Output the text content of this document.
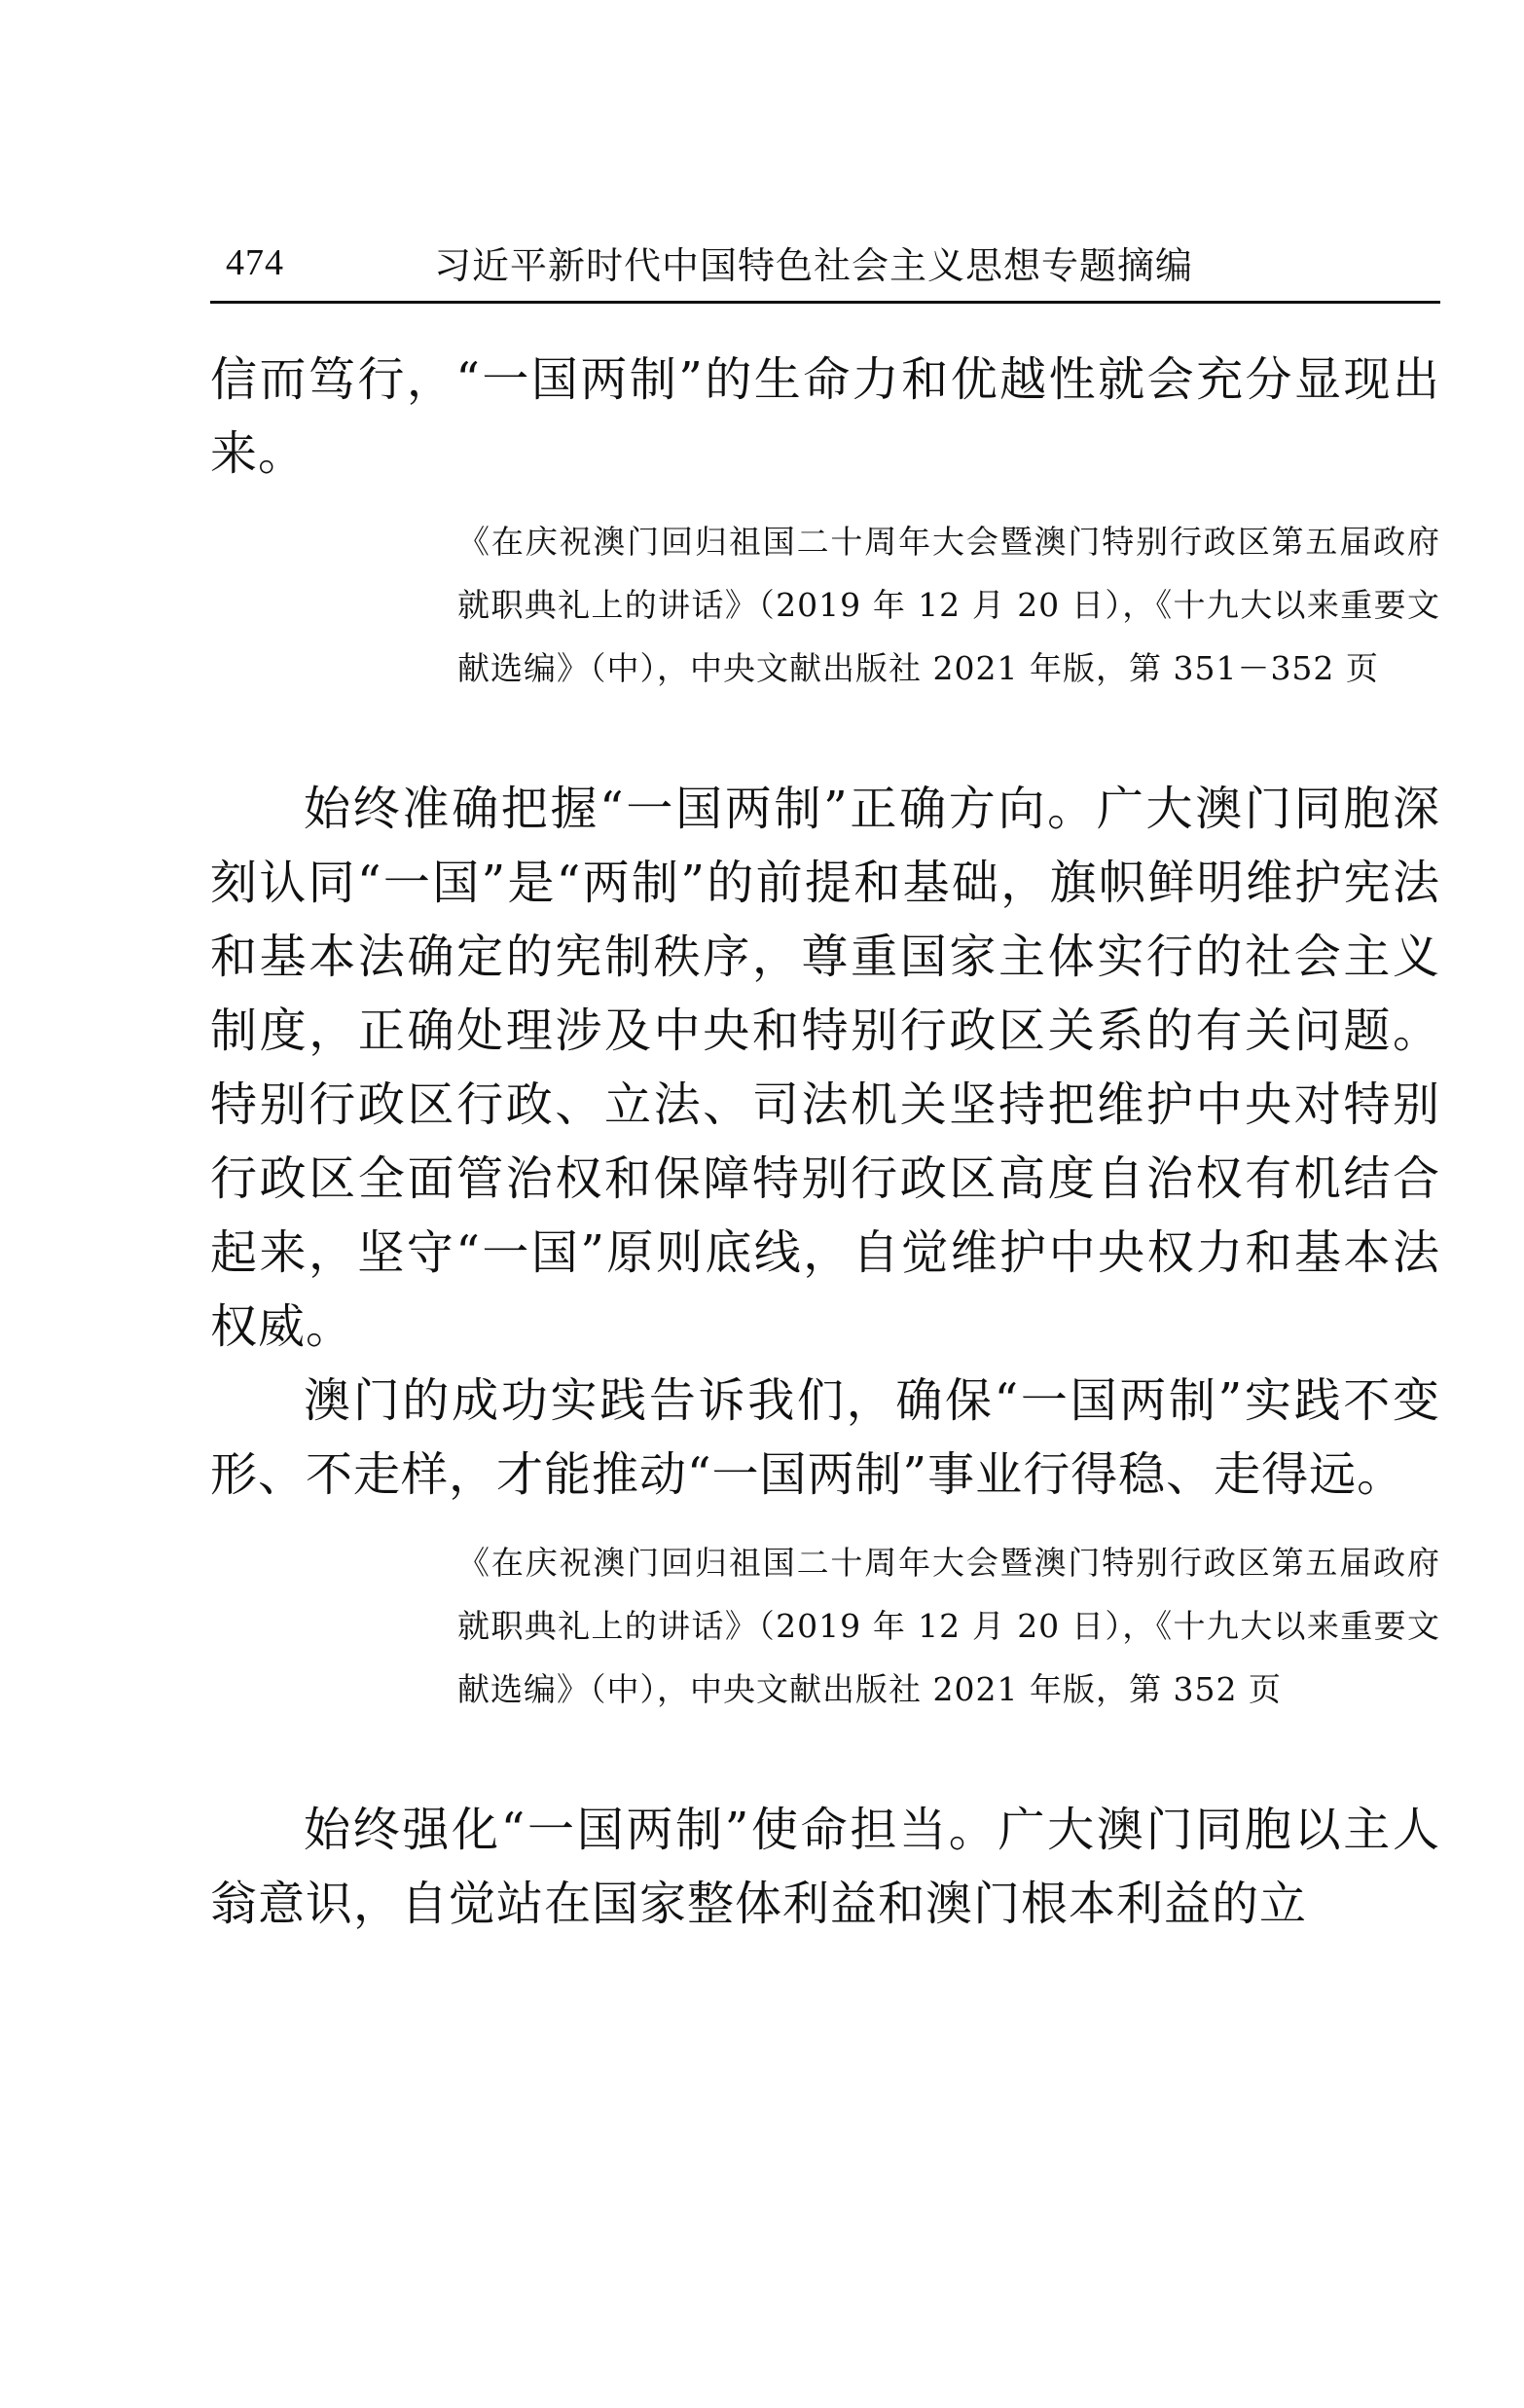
474	习近平新时代中国特色社会主义思想专题摘编

信而笃行，“一国两制”的生命力和优越性就会充分显现出来。

《在庆祝澳门回归祖国二十周年大会暨澳门特别行政区第五届政府就职典礼上的讲话》（2019 年 12 月 20 日），《十九大以来重要文献选编》（中），中央文献出版社 2021 年版，第 351－352 页

始终准确把握“一国两制”正确方向。广大澳门同胞深刻认同“一国”是“两制”的前提和基础，旗帜鲜明维护宪法和基本法确定的宪制秩序，尊重国家主体实行的社会主义制度，正确处理涉及中央和特别行政区关系的有关问题。特别行政区行政、立法、司法机关坚持把维护中央对特别行政区全面管治权和保障特别行政区高度自治权有机结合起来，坚守“一国”原则底线，自觉维护中央权力和基本法权威。

澳门的成功实践告诉我们，确保“一国两制”实践不变形、不走样，才能推动“一国两制”事业行得稳、走得远。

《在庆祝澳门回归祖国二十周年大会暨澳门特别行政区第五届政府就职典礼上的讲话》（2019 年 12 月 20 日），《十九大以来重要文献选编》（中），中央文献出版社 2021 年版，第 352 页

始终强化“一国两制”使命担当。广大澳门同胞以主人翁意识，自觉站在国家整体利益和澳门根本利益的立
